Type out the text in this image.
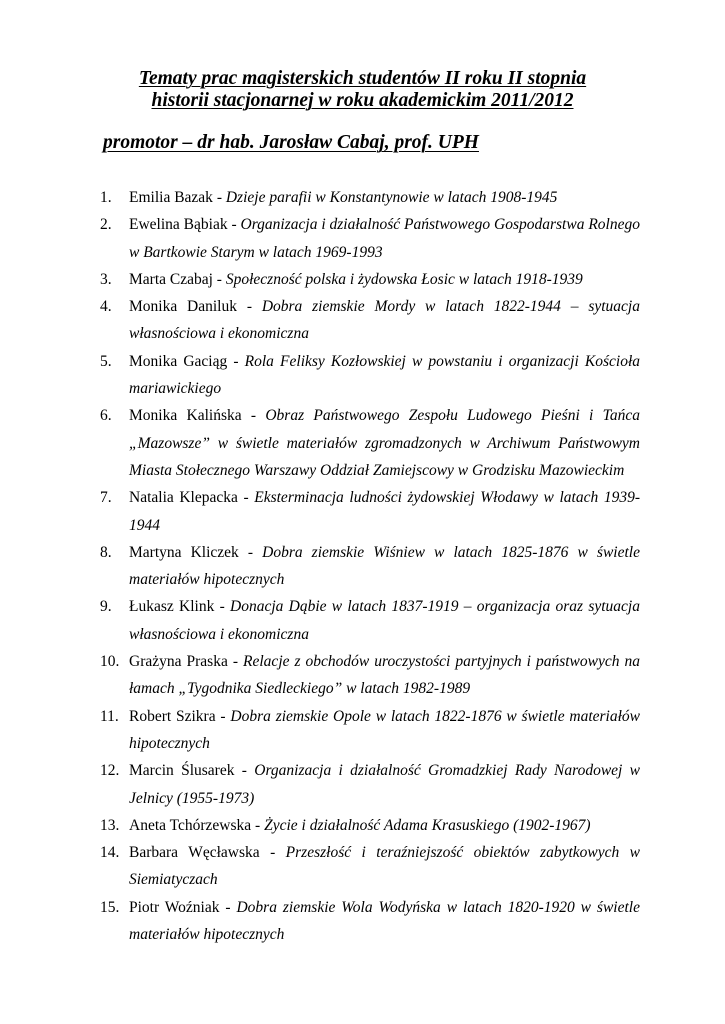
Tematy prac magisterskich studentów II roku II stopnia
historii stacjonarnej w roku akademickim 2011/2012
promotor – dr hab. Jarosław Cabaj, prof. UPH
1.	Emilia Bazak - Dzieje parafii w Konstantynowie w latach 1908-1945
2.	Ewelina Bąbiak - Organizacja i działalność Państwowego Gospodarstwa Rolnego w Bartkowie Starym w latach 1969-1993
3.	Marta Czabaj - Społeczność polska i żydowska Łosic w latach 1918-1939
4.	Monika Daniluk - Dobra ziemskie Mordy w latach 1822-1944 – sytuacja własnościowa i ekonomiczna
5.	Monika Gaciąg - Rola Feliksy Kozłowskiej w powstaniu i organizacji Kościoła mariawickiego
6.	Monika Kalińska - Obraz Państwowego Zespołu Ludowego Pieśni i Tańca „Mazowsze” w świetle materiałów zgromadzonych w Archiwum Państwowym Miasta Stołecznego Warszawy Oddział Zamiejscowy w Grodzisku Mazowieckim
7.	Natalia Klepacka - Eksterminacja ludności żydowskiej Włodawy w latach 1939-1944
8.	Martyna Kliczek - Dobra ziemskie Wiśniew w latach 1825-1876 w świetle materiałów hipotecznych
9.	Łukasz Klink - Donacja Dąbie w latach 1837-1919 – organizacja oraz sytuacja własnościowa i ekonomiczna
10. Grażyna Praska - Relacje z obchodów uroczystości partyjnych i państwowych na łamach „Tygodnika Siedleckiego” w latach 1982-1989
11. Robert Szikra - Dobra ziemskie Opole w latach 1822-1876 w świetle materiałów hipotecznych
12. Marcin Ślusarek - Organizacja i działalność Gromadzkiej Rady Narodowej w Jelnicy (1955-1973)
13. Aneta Tchórzewska - Życie i działalność Adama Krasuskiego (1902-1967)
14. Barbara Węcławska - Przeszłość i teraźniejszość obiektów zabytkowych w Siemiatyczach
15. Piotr Woźniak - Dobra ziemskie Wola Wodyńska w latach 1820-1920 w świetle materiałów hipotecznych
